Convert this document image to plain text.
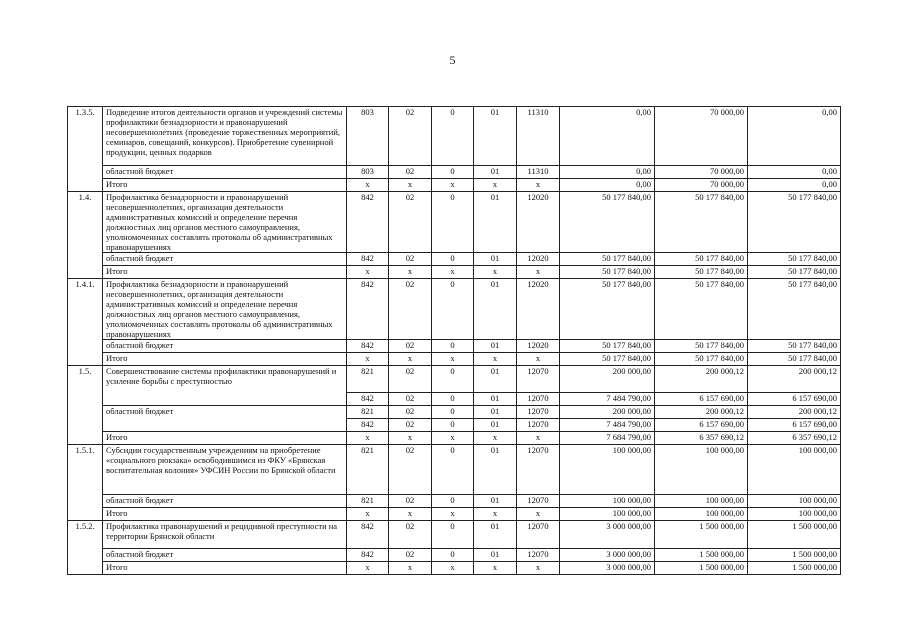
5
1.3.5.	Подведение итогов деятельности органов и учреждений системы профилактики безнадзорности и правонарушений несовершеннолетних (проведение торжественных мероприятий, семинаров, совещаний, конкурсов). Приобретение сувенирной продукции, ценных подарков	803	02	0	01	11310	0,00	70 000,00	0,00
	областной бюджет	803	02	0	01	11310	0,00	70 000,00	0,00
	Итого	х	х	х	х	х	0,00	70 000,00	0,00
1.4.	Профилактика безнадзорности и правонарушений несовершеннолетних, организация деятельности административных комиссий и определение перечня должностных лиц органов местного самоуправления, уполномоченных составлять протоколы об административных правонарушениях	842	02	0	01	12020	50 177 840,00	50 177 840,00	50 177 840,00
	областной бюджет	842	02	0	01	12020	50 177 840,00	50 177 840,00	50 177 840,00
	Итого	х	х	х	х	х	50 177 840,00	50 177 840,00	50 177 840,00
1.4.1.	Профилактика безнадзорности и правонарушений несовершеннолетних, организация деятельности административных комиссий и определение перечня должностных лиц органов местного самоуправления, уполномоченных составлять протоколы об административных правонарушениях	842	02	0	01	12020	50 177 840,00	50 177 840,00	50 177 840,00
	областной бюджет	842	02	0	01	12020	50 177 840,00	50 177 840,00	50 177 840,00
	Итого	х	х	х	х	х	50 177 840,00	50 177 840,00	50 177 840,00
1.5.	Совершенствование системы профилактики правонарушений и усиление борьбы с преступностью	821	02	0	01	12070	200 000,00	200 000,12	200 000,12
		842	02	0	01	12070	7 484 790,00	6 157 690,00	6 157 690,00
	областной бюджет	821	02	0	01	12070	200 000,00	200 000,12	200 000,12
		842	02	0	01	12070	7 484 790,00	6 157 690,00	6 157 690,00
	Итого	х	х	х	х	х	7 684 790,00	6 357 690,12	6 357 690,12
1.5.1.	Субсидии государственным учреждениям на приобретение «социального рюкзака» освободившимся из ФКУ «Брянская воспитательная колония» УФСИН России по Брянской области	821	02	0	01	12070	100 000,00	100 000,00	100 000,00
	областной бюджет	821	02	0	01	12070	100 000,00	100 000,00	100 000,00
	Итого	х	х	х	х	х	100 000,00	100 000,00	100 000,00
1.5.2.	Профилактика правонарушений и рецидивной преступности на территории Брянской области	842	02	0	01	12070	3 000 000,00	1 500 000,00	1 500 000,00
	областной бюджет	842	02	0	01	12070	3 000 000,00	1 500 000,00	1 500 000,00
	Итого	х	х	х	х	х	3 000 000,00	1 500 000,00	1 500 000,00
